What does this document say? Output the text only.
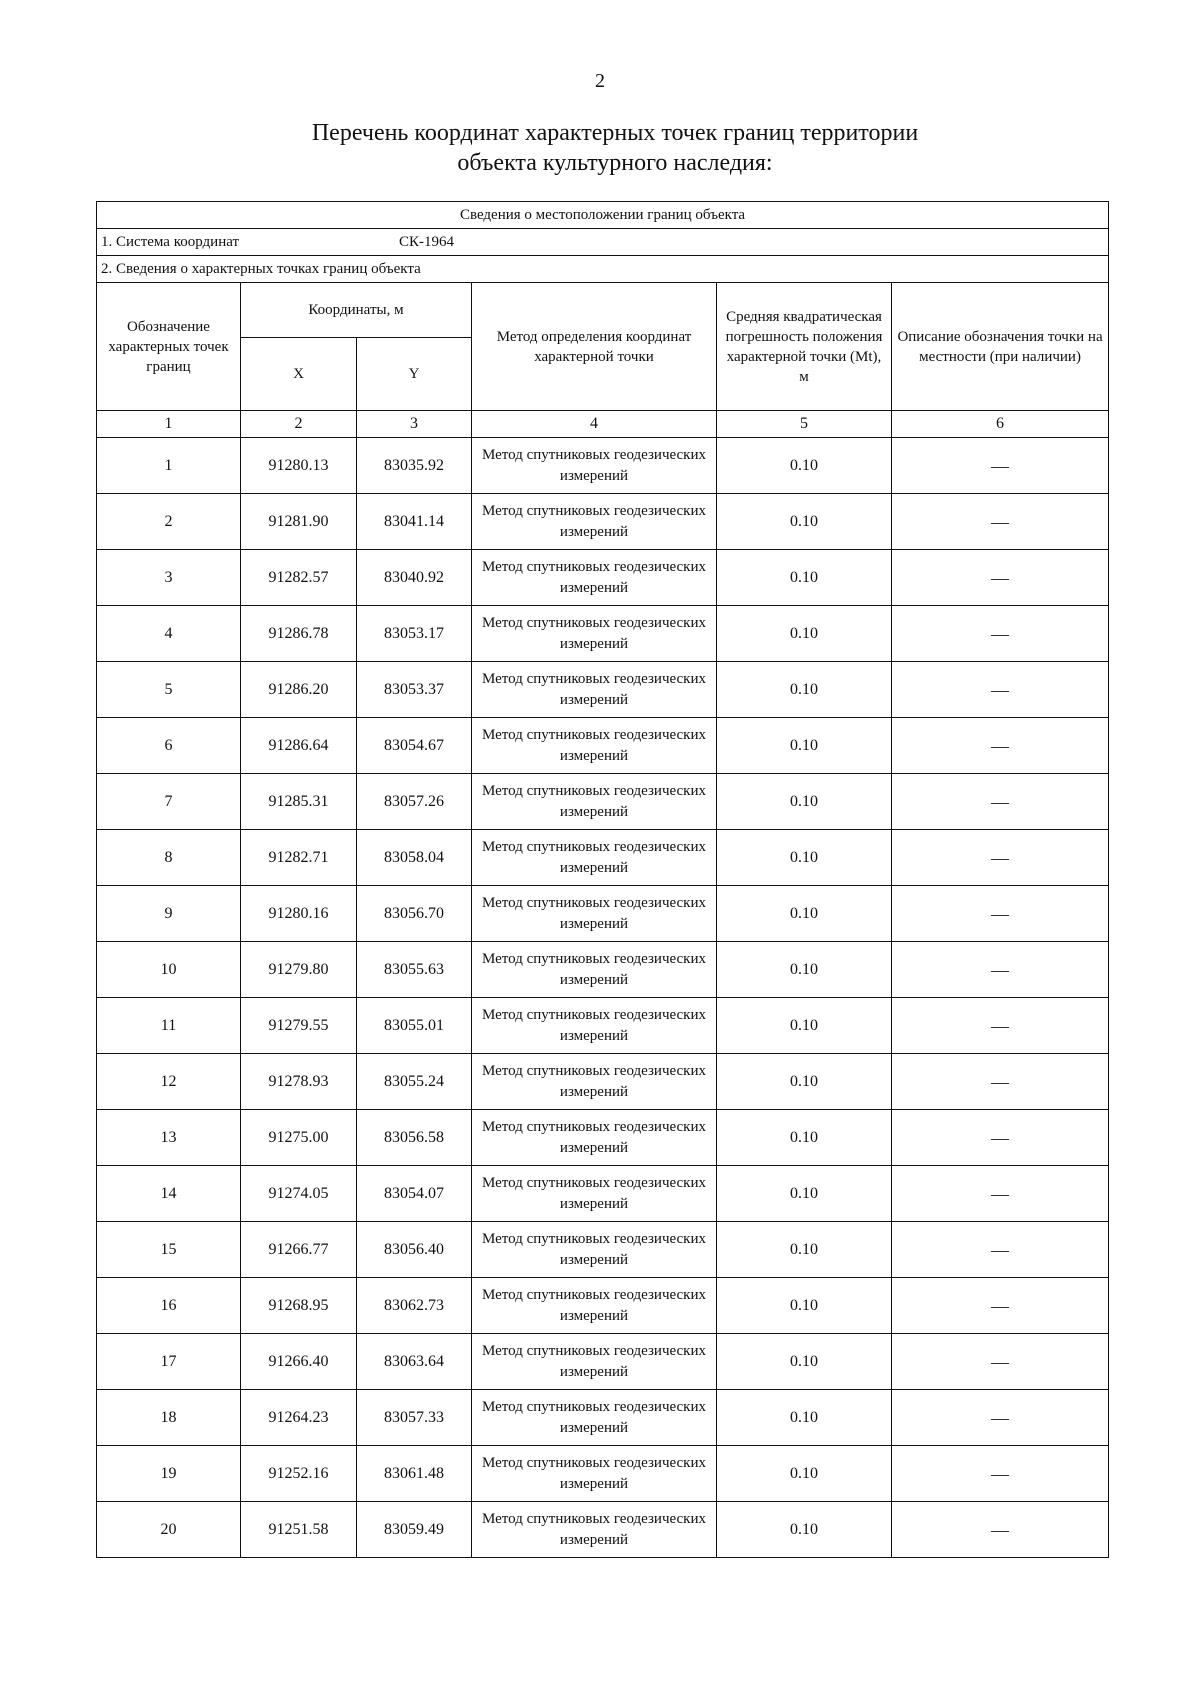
2
Перечень координат характерных точек границ территории
объекта культурного наследия:
Сведения о местоположении границ объекта					
1. Система координат СК-1964					
2. Сведения о характерных точках границ объекта					
Обозначение характерных точек границ	Координаты, м		Метод определения координат характерной точки	Средняя квадратическая погрешность положения характерной точки (Mt), м	Описание обозначения точки на местности (при наличии)
	X	Y			
1	2	3	4	5	6
1	91280.13	83035.92	Метод спутниковых геодезических измерений	0.10	—
2	91281.90	83041.14	Метод спутниковых геодезических измерений	0.10	—
3	91282.57	83040.92	Метод спутниковых геодезических измерений	0.10	—
4	91286.78	83053.17	Метод спутниковых геодезических измерений	0.10	—
5	91286.20	83053.37	Метод спутниковых геодезических измерений	0.10	—
6	91286.64	83054.67	Метод спутниковых геодезических измерений	0.10	—
7	91285.31	83057.26	Метод спутниковых геодезических измерений	0.10	—
8	91282.71	83058.04	Метод спутниковых геодезических измерений	0.10	—
9	91280.16	83056.70	Метод спутниковых геодезических измерений	0.10	—
10	91279.80	83055.63	Метод спутниковых геодезических измерений	0.10	—
11	91279.55	83055.01	Метод спутниковых геодезических измерений	0.10	—
12	91278.93	83055.24	Метод спутниковых геодезических измерений	0.10	—
13	91275.00	83056.58	Метод спутниковых геодезических измерений	0.10	—
14	91274.05	83054.07	Метод спутниковых геодезических измерений	0.10	—
15	91266.77	83056.40	Метод спутниковых геодезических измерений	0.10	—
16	91268.95	83062.73	Метод спутниковых геодезических измерений	0.10	—
17	91266.40	83063.64	Метод спутниковых геодезических измерений	0.10	—
18	91264.23	83057.33	Метод спутниковых геодезических измерений	0.10	—
19	91252.16	83061.48	Метод спутниковых геодезических измерений	0.10	—
20	91251.58	83059.49	Метод спутниковых геодезических измерений	0.10	—
